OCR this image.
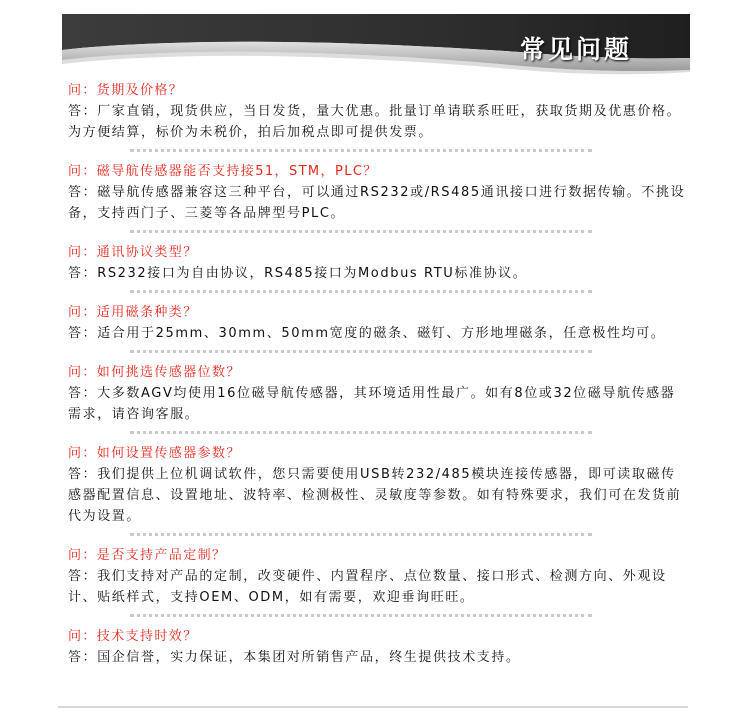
常见问题
问：货期及价格？
答：厂家直销，现货供应，当日发货，量大优惠。批量订单请联系旺旺，获取货期及优惠价格。为方便结算，标价为未税价，拍后加税点即可提供发票。
问：磁导航传感器能否支持接51，STM，PLC？
答：磁导航传感器兼容这三种平台，可以通过RS232或/RS485通讯接口进行数据传输。不挑设备，支持西门子、三菱等各品牌型号PLC。
问：通讯协议类型？
答：RS232接口为自由协议，RS485接口为Modbus RTU标准协议。
问：适用磁条种类？
答：适合用于25mm、30mm、50mm宽度的磁条、磁钉、方形地埋磁条，任意极性均可。
问：如何挑选传感器位数？
答：大多数AGV均使用16位磁导航传感器，其环境适用性最广。如有8位或32位磁导航传感器需求，请咨询客服。
问：如何设置传感器参数？
答：我们提供上位机调试软件，您只需要使用USB转232/485模块连接传感器，即可读取磁传感器配置信息、设置地址、波特率、检测极性、灵敏度等参数。如有特殊要求，我们可在发货前代为设置。
问：是否支持产品定制？
答：我们支持对产品的定制，改变硬件、内置程序、点位数量、接口形式、检测方向、外观设计、贴纸样式，支持OEM、ODM，如有需要，欢迎垂询旺旺。
问：技术支持时效？
答：国企信誉，实力保证，本集团对所销售产品，终生提供技术支持。
